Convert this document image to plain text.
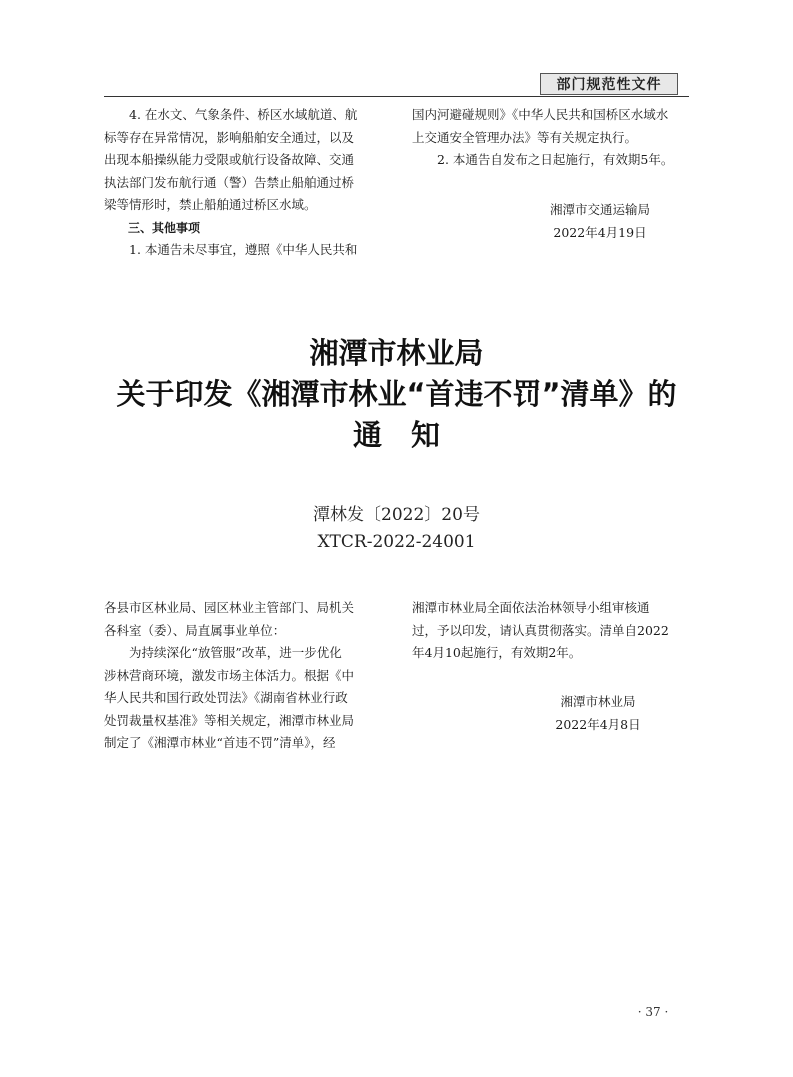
部门规范性文件

4. 在水文、气象条件、桥区水域航道、航

标等存在异常情况，影响船舶安全通过，以及

出现本船操纵能力受限或航行设备故障、交通

执法部门发布航行通（警）告禁止船舶通过桥

梁等情形时，禁止船舶通过桥区水域。

三、其他事项

1. 本通告未尽事宜，遵照《中华人民共和

国内河避碰规则》《中华人民共和国桥区水域水

上交通安全管理办法》等有关规定执行。

2. 本通告自发布之日起施行，有效期5年。

湘潭市交通运输局

2022年4月19日

湘潭市林业局
关于印发《湘潭市林业“首违不罚”清单》的
通　知
潭林发〔2022〕20号
XTCR-2022-24001

各县市区林业局、园区林业主管部门、局机关

各科室（委）、局直属事业单位：

为持续深化“放管服”改革，进一步优化

涉林营商环境，激发市场主体活力。根据《中

华人民共和国行政处罚法》《湖南省林业行政

处罚裁量权基准》等相关规定，湘潭市林业局

制定了《湘潭市林业“首违不罚”清单》，经

湘潭市林业局全面依法治林领导小组审核通

过，予以印发，请认真贯彻落实。清单自2022

年4月10起施行，有效期2年。

湘潭市林业局

2022年4月8日

· 37 ·
